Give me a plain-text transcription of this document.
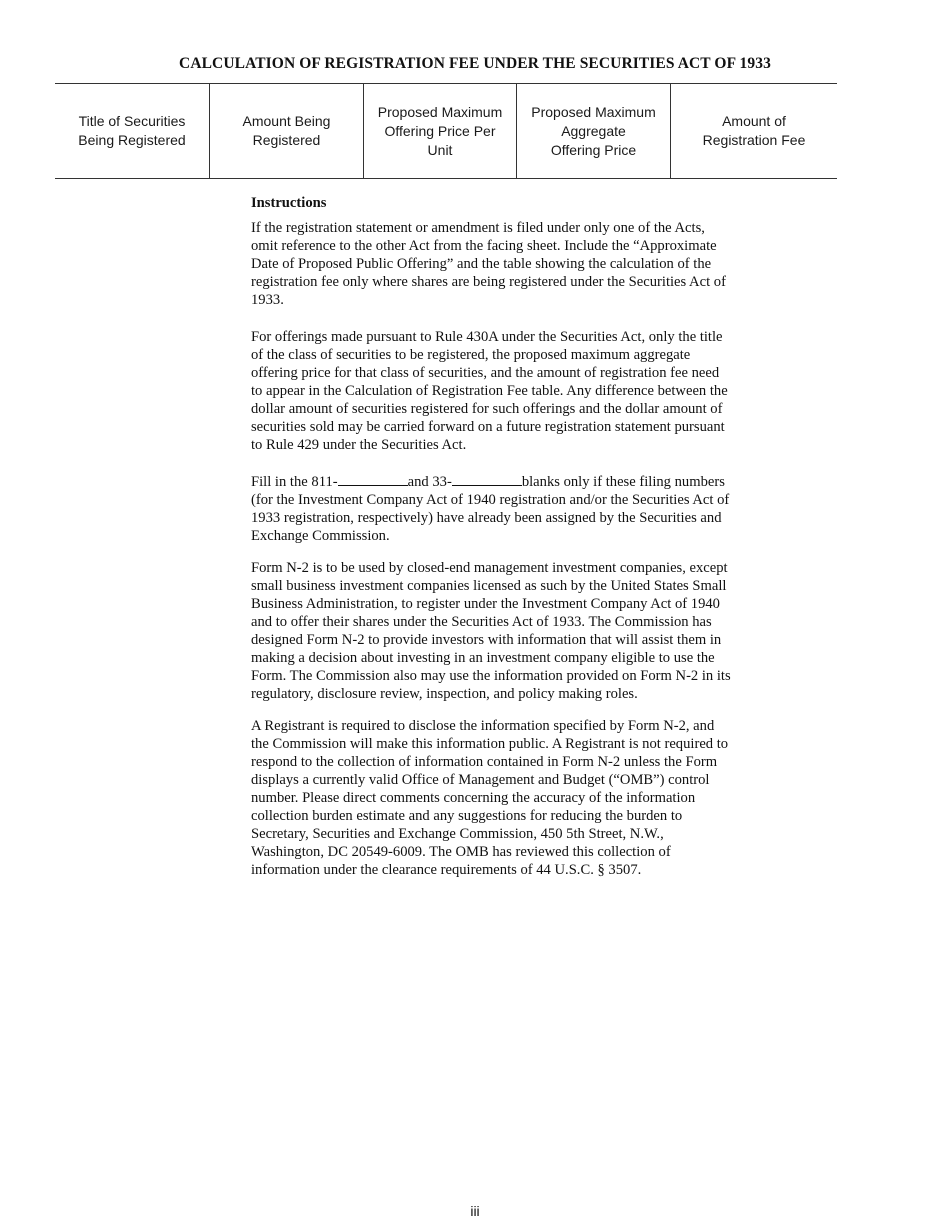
CALCULATION OF REGISTRATION FEE UNDER THE SECURITIES ACT OF 1933
Title of Securities
Being Registered
Amount Being
Registered
Proposed Maximum
Offering Price Per
Unit
Proposed Maximum
Aggregate
Offering Price
Amount of
Registration Fee
Instructions

If the registration statement or amendment is filed under only one of the Acts, omit reference to the other Act from the facing sheet. Include the “Approximate Date of Proposed Public Offering” and the table showing the calculation of the registration fee only where shares are being registered under the Securities Act of 1933.

For offerings made pursuant to Rule 430A under the Securities Act, only the title of the class of securities to be registered, the proposed maximum aggregate offering price for that class of securities, and the amount of registration fee need to appear in the Calculation of Registration Fee table. Any difference between the dollar amount of securities registered for such offerings and the dollar amount of securities sold may be carried forward on a future registration statement pursuant to Rule 429 under the Securities Act.

Fill in the 811-	and 33-	blanks only if these filing numbers (for the Investment Company Act of 1940 registration and/or the Securities Act of 1933 registration, respectively) have already been assigned by the Securities and Exchange Commission.

Form N-2 is to be used by closed-end management investment companies, except small business investment companies licensed as such by the United States Small Business Administration, to register under the Investment Company Act of 1940 and to offer their shares under the Securities Act of 1933. The Commission has designed Form N-2 to provide investors with information that will assist them in making a decision about investing in an investment company eligible to use the Form. The Commission also may use the information provided on Form N-2 in its regulatory, disclosure review, inspection, and policy making roles.

A Registrant is required to disclose the information specified by Form N-2, and the Commission will make this information public. A Registrant is not required to respond to the collection of information contained in Form N-2 unless the Form displays a currently valid Office of Management and Budget (“OMB”) control number. Please direct comments concerning the accuracy of the information collection burden estimate and any suggestions for reducing the burden to Secretary, Securities and Exchange Commission, 450 5th Street, N.W., Washington, DC 20549-6009. The OMB has reviewed this collection of information under the clearance requirements of 44 U.S.C. § 3507.

iii
